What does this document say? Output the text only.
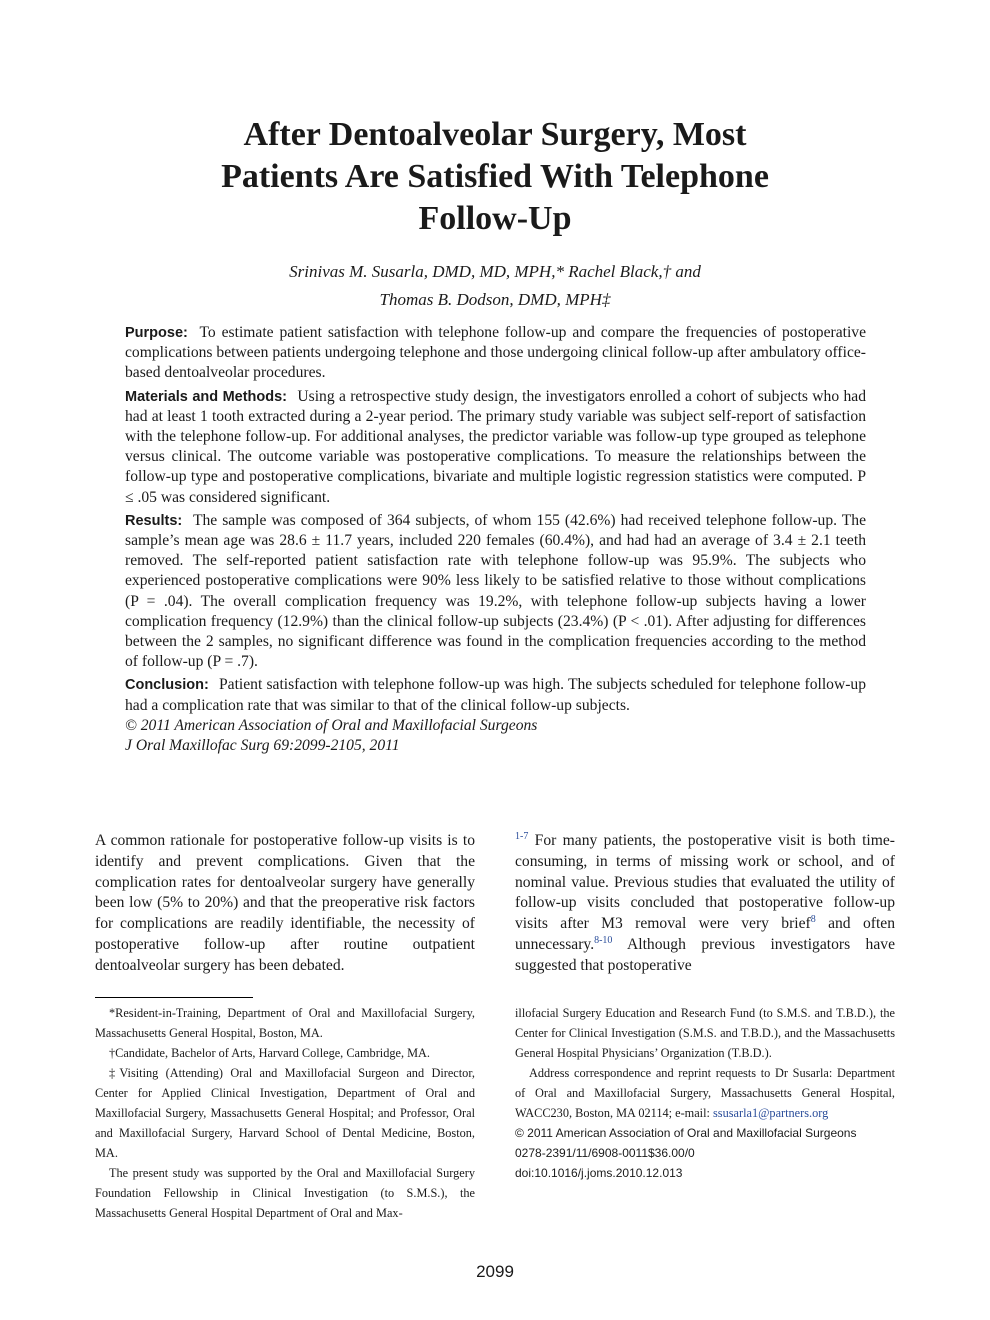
After Dentoalveolar Surgery, Most
Patients Are Satisfied With Telephone
Follow-Up
Srinivas M. Susarla, DMD, MD, MPH,* Rachel Black,† and
Thomas B. Dodson, DMD, MPH‡

Purpose: To estimate patient satisfaction with telephone follow-up and compare the frequencies of postoperative complications between patients undergoing telephone and those undergoing clinical follow-up after ambulatory office-based dentoalveolar procedures.

Materials and Methods: Using a retrospective study design, the investigators enrolled a cohort of subjects who had had at least 1 tooth extracted during a 2-year period. The primary study variable was subject self-report of satisfaction with the telephone follow-up. For additional analyses, the predictor variable was follow-up type grouped as telephone versus clinical. The outcome variable was postoperative complications. To measure the relationships between the follow-up type and postoperative complications, bivariate and multiple logistic regression statistics were computed. P ≤ .05 was considered significant.

Results: The sample was composed of 364 subjects, of whom 155 (42.6%) had received telephone follow-up. The sample’s mean age was 28.6 ± 11.7 years, included 220 females (60.4%), and had had an average of 3.4 ± 2.1 teeth removed. The self-reported patient satisfaction rate with telephone follow-up was 95.9%. The subjects who experienced postoperative complications were 90% less likely to be satisfied relative to those without complications (P = .04). The overall complication frequency was 19.2%, with telephone follow-up subjects having a lower complication frequency (12.9%) than the clinical follow-up subjects (23.4%) (P < .01). After adjusting for differences between the 2 samples, no significant difference was found in the complication frequencies according to the method of follow-up (P = .7).

Conclusion: Patient satisfaction with telephone follow-up was high. The subjects scheduled for telephone follow-up had a complication rate that was similar to that of the clinical follow-up subjects.
© 2011 American Association of Oral and Maxillofacial Surgeons
J Oral Maxillofac Surg 69:2099-2105, 2011

A common rationale for postoperative follow-up visits is to identify and prevent complications. Given that the complication rates for dentoalveolar surgery have generally been low (5% to 20%) and that the preoperative risk factors for complications are readily identifiable, the necessity of postoperative follow-up after routine outpatient dentoalveolar surgery has been debated.
$^{1-7}$ For many patients, the postoperative visit is both time-consuming, in terms of missing work or school, and of nominal value. Previous studies that evaluated the utility of follow-up visits concluded that postoperative follow-up visits after M3 removal were very brief$^8$ and often unnecessary.$^{8-10}$ Although previous investigators have suggested that postoperative

*Resident-in-Training, Department of Oral and Maxillofacial Surgery, Massachusetts General Hospital, Boston, MA.

†Candidate, Bachelor of Arts, Harvard College, Cambridge, MA.

‡Visiting (Attending) Oral and Maxillofacial Surgeon and Director, Center for Applied Clinical Investigation, Department of Oral and Maxillofacial Surgery, Massachusetts General Hospital; and Professor, Oral and Maxillofacial Surgery, Harvard School of Dental Medicine, Boston, MA.

The present study was supported by the Oral and Maxillofacial Surgery Foundation Fellowship in Clinical Investigation (to S.M.S.), the Massachusetts General Hospital Department of Oral and Max-

illofacial Surgery Education and Research Fund (to S.M.S. and T.B.D.), the Center for Clinical Investigation (S.M.S. and T.B.D.), and the Massachusetts General Hospital Physicians’ Organization (T.B.D.).

Address correspondence and reprint requests to Dr Susarla: Department of Oral and Maxillofacial Surgery, Massachusetts General Hospital, WACC230, Boston, MA 02114; e-mail: ssusarla1@partners.org

© 2011 American Association of Oral and Maxillofacial Surgeons

0278-2391/11/6908-0011$36.00/0

doi:10.1016/j.joms.2010.12.013

2099
